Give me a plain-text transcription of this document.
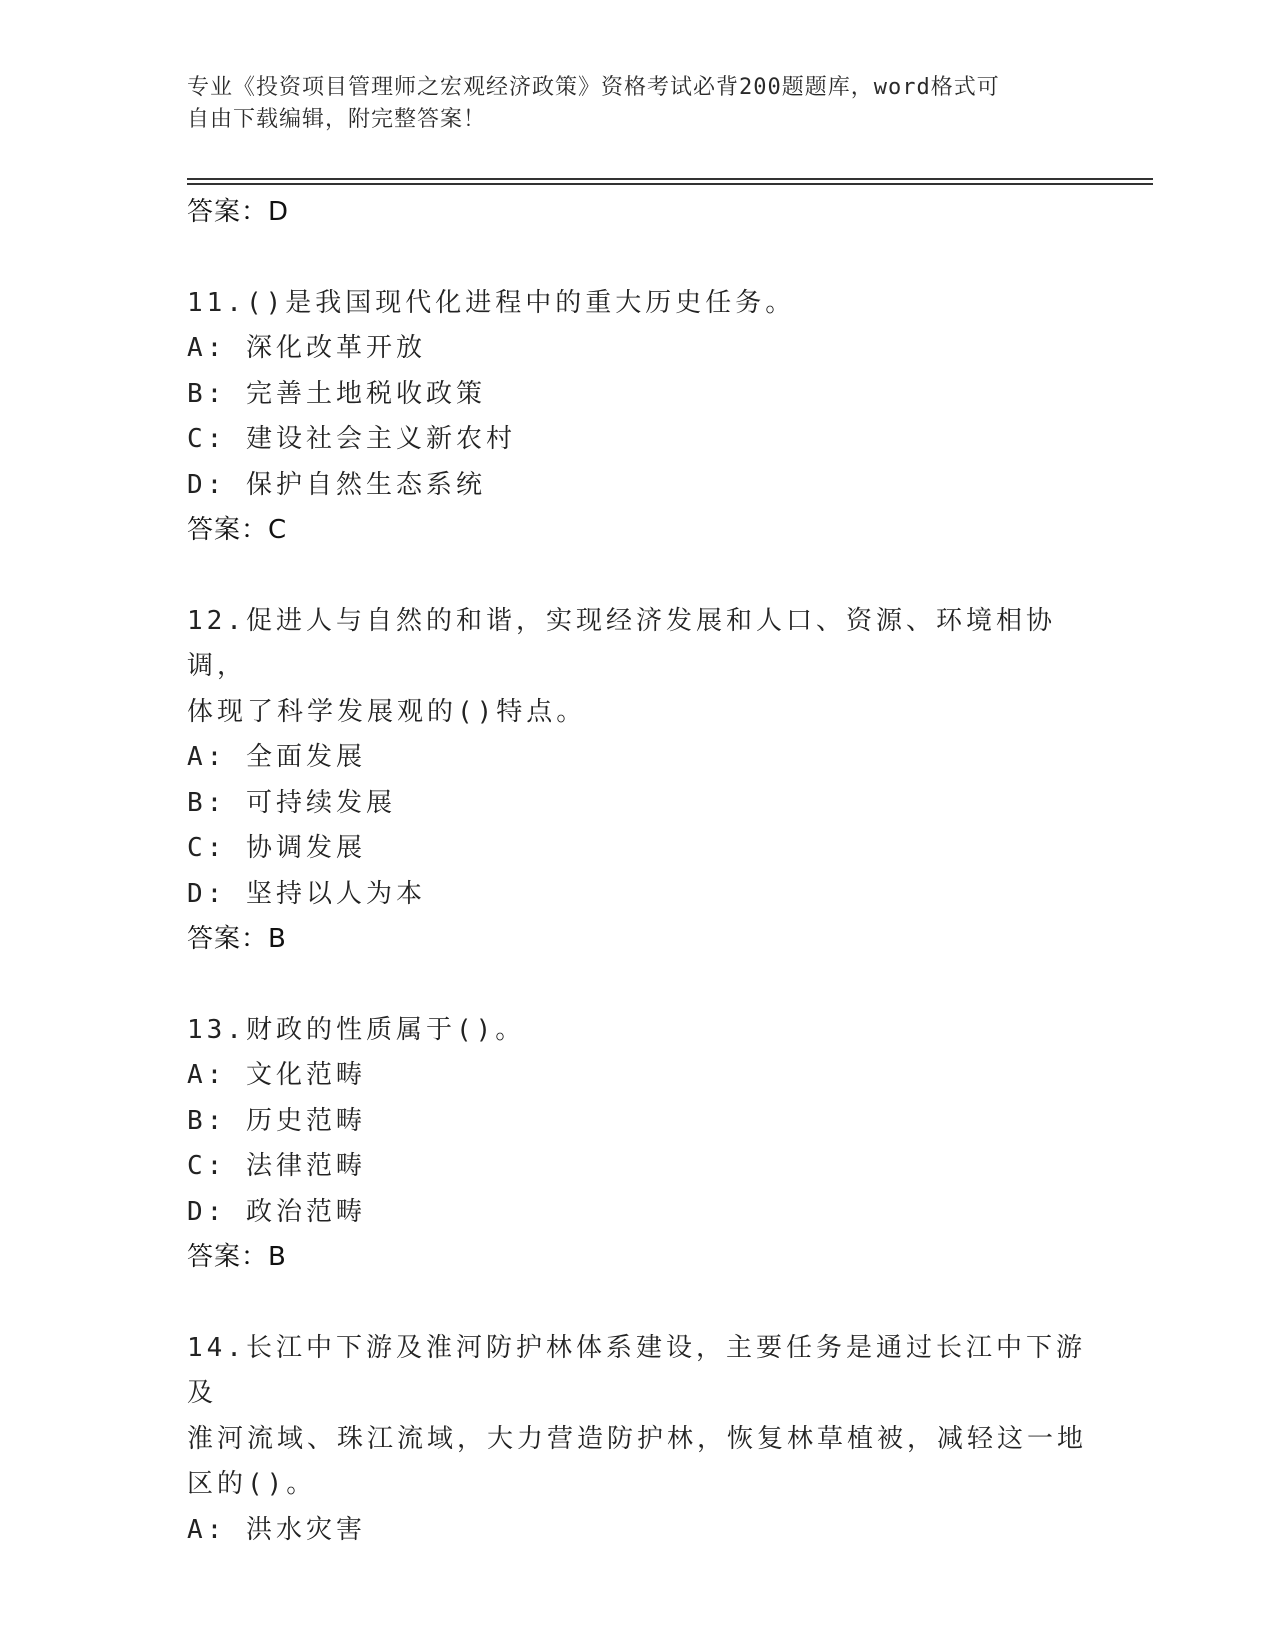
专业《投资项目管理师之宏观经济政策》资格考试必背200题题库，word格式可
自由下载编辑，附完整答案！
答案：D
11.()是我国现代化进程中的重大历史任务。
A: 深化改革开放
B: 完善土地税收政策
C: 建设社会主义新农村
D: 保护自然生态系统
答案：C
12.促进人与自然的和谐，实现经济发展和人口、资源、环境相协调，
体现了科学发展观的()特点。
A: 全面发展
B: 可持续发展
C: 协调发展
D: 坚持以人为本
答案：B
13.财政的性质属于()。
A: 文化范畴
B: 历史范畴
C: 法律范畴
D: 政治范畴
答案：B
14.长江中下游及淮河防护林体系建设，主要任务是通过长江中下游及
淮河流域、珠江流域，大力营造防护林，恢复林草植被，减轻这一地
区的()。
A: 洪水灾害
